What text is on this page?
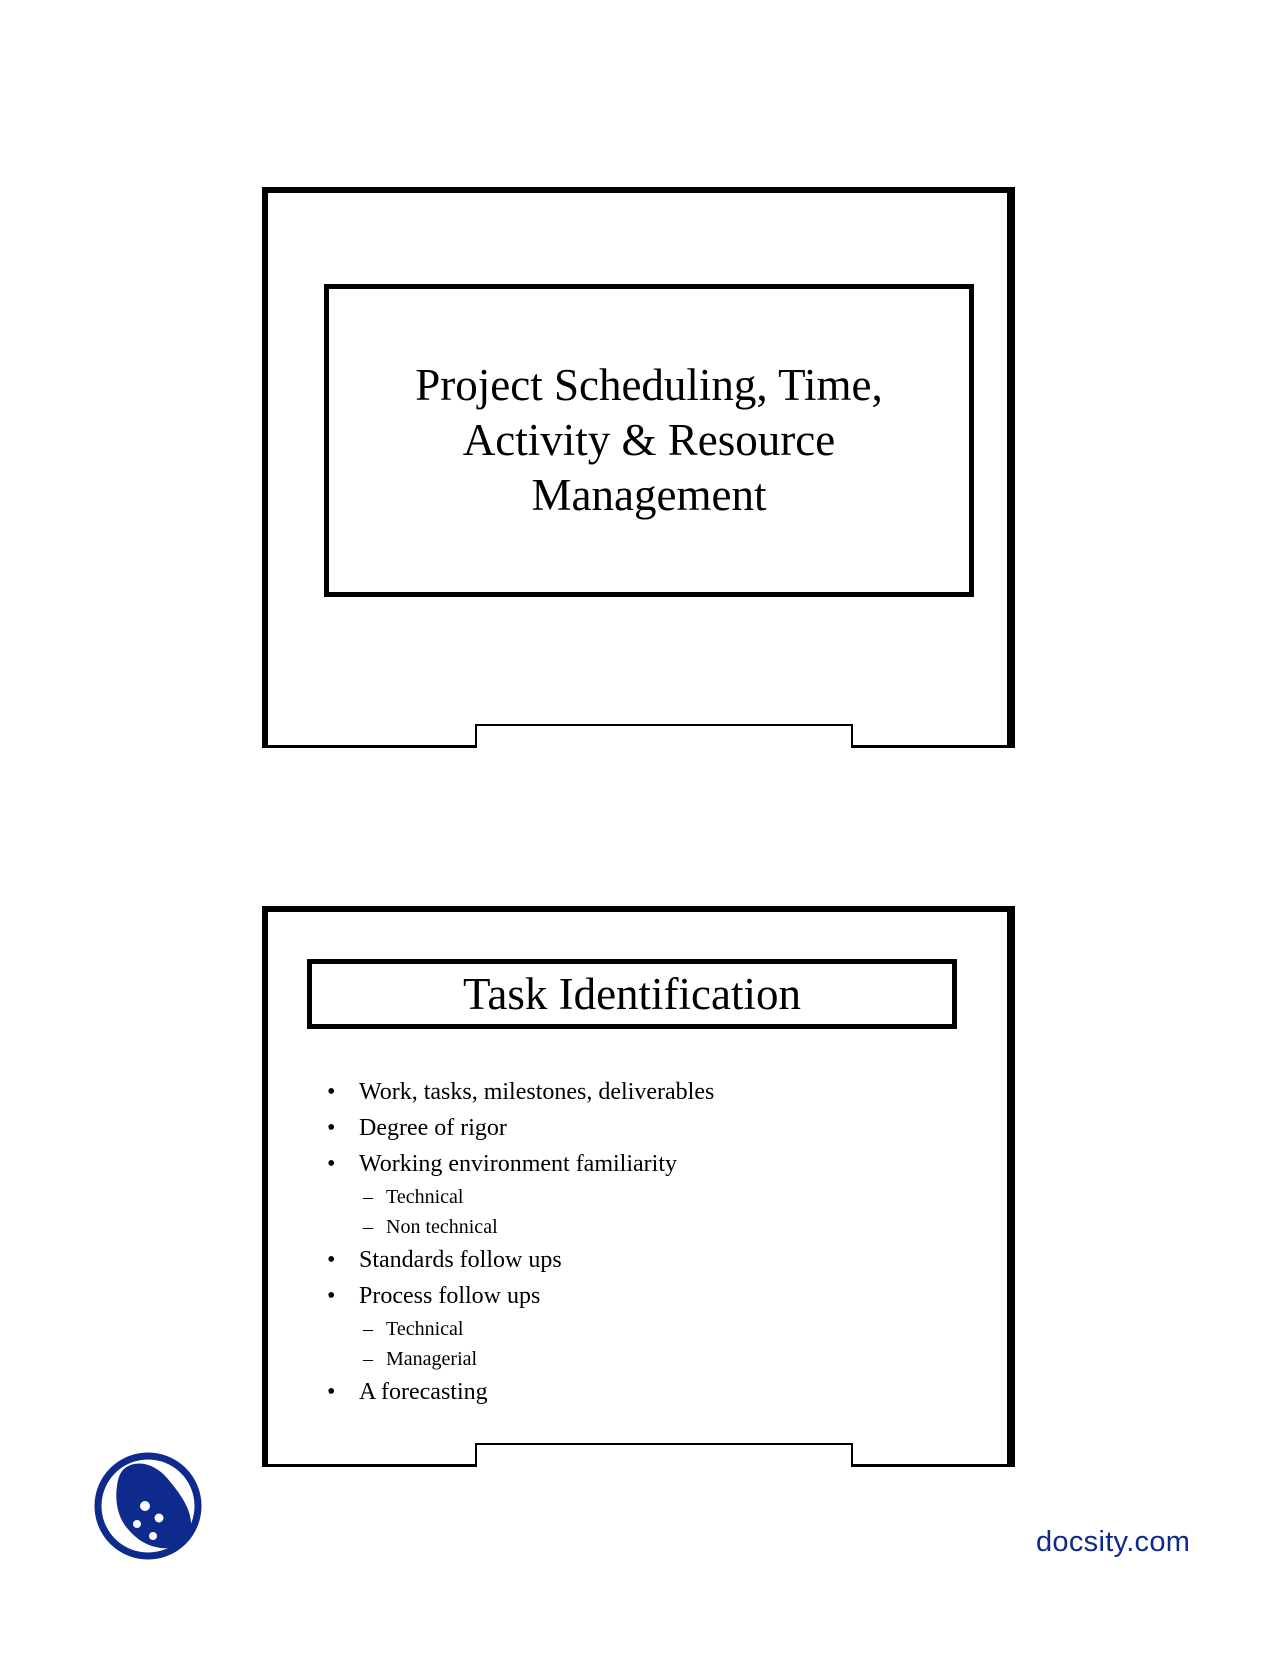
Project Scheduling, Time,
Activity & Resource
Management
Task Identification
• Work, tasks, milestones, deliverables
• Degree of rigor
• Working environment familiarity
– Technical
– Non technical
• Standards follow ups
• Process follow ups
– Technical
– Managerial
• A forecasting
docsity.com
